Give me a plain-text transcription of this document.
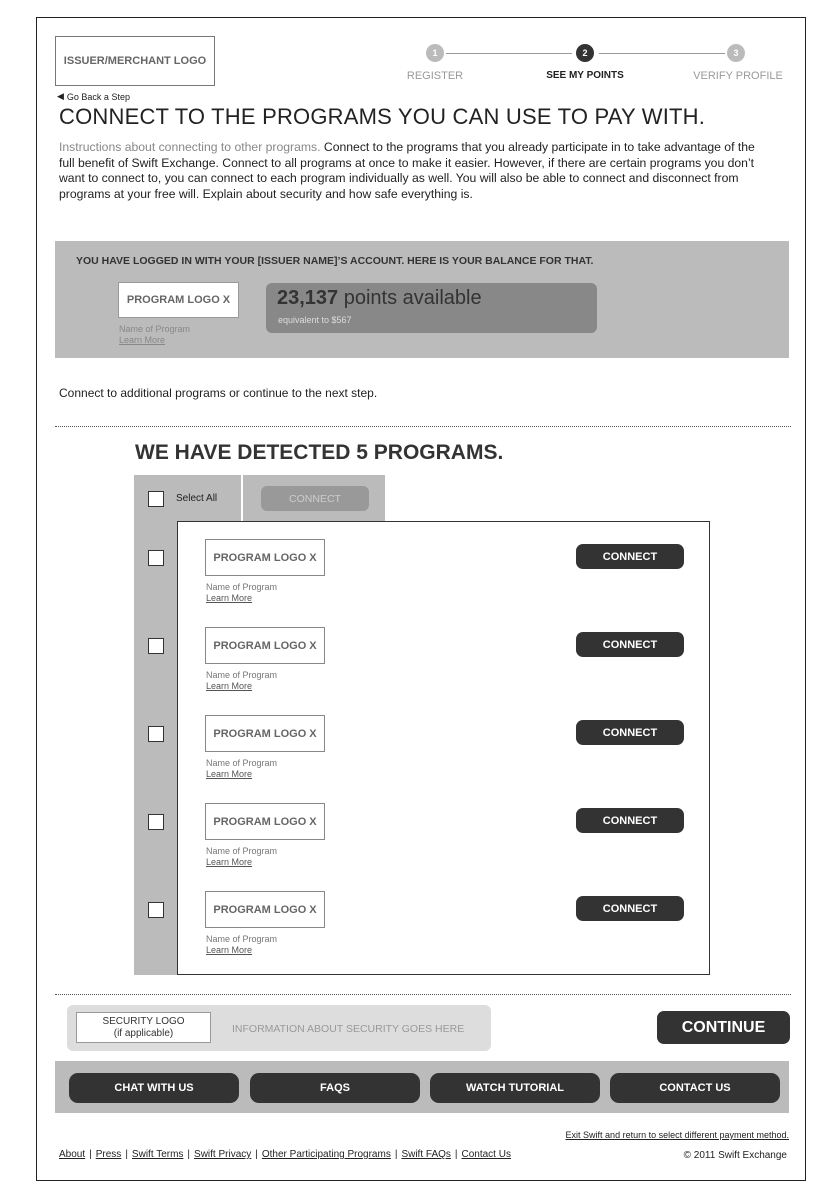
ISSUER/MERCHANT LOGO
1	2	3
REGISTER	SEE MY POINTS	VERIFY PROFILE
◀ Go Back a Step
CONNECT TO THE PROGRAMS YOU CAN USE TO PAY WITH.
Instructions about connecting to other programs. Connect to the programs that you already participate in to take advantage of the full benefit of Swift Exchange. Connect to all programs at once to make it easier. However, if there are certain programs you don’t want to connect to, you can connect to each program individually as well. You will also be able to connect and disconnect from programs at your free will. Explain about security and how safe everything is.
YOU HAVE LOGGED IN WITH YOUR [ISSUER NAME]’S ACCOUNT. HERE IS YOUR BALANCE FOR THAT.
PROGRAM LOGO X
Name of Program
Learn More
23,137 points available
equivalent to $567
Connect to additional programs or continue to the next step.
WE HAVE DETECTED 5 PROGRAMS.
Select All	CONNECT
PROGRAM LOGO X
Name of Program
Learn More
CONNECT
PROGRAM LOGO X
Name of Program
Learn More
CONNECT
PROGRAM LOGO X
Name of Program
Learn More
CONNECT
PROGRAM LOGO X
Name of Program
Learn More
CONNECT
PROGRAM LOGO X
Name of Program
Learn More
CONNECT
SECURITY LOGO
(if applicable)	INFORMATION ABOUT SECURITY GOES HERE	CONTINUE
CHAT WITH US	FAQS	WATCH TUTORIAL	CONTACT US
Exit Swift and return to select different payment method.
About | Press | Swift Terms | Swift Privacy | Other Participating Programs | Swift FAQs | Contact Us	© 2011 Swift Exchange
